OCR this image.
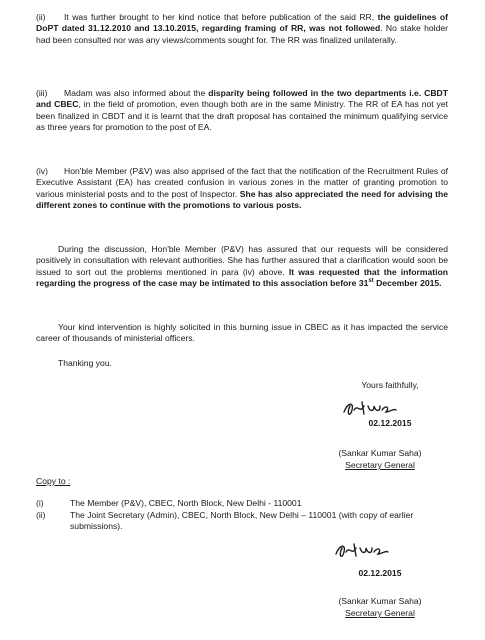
(ii) It was further brought to her kind notice that before publication of the said RR, the guidelines of DoPT dated 31.12.2010 and 13.10.2015, regarding framing of RR, was not followed. No stake holder had been consulted nor was any views/comments sought for. The RR was finalized unilaterally.

(iii) Madam was also informed about the disparity being followed in the two departments i.e. CBDT and CBEC, in the field of promotion, even though both are in the same Ministry. The RR of EA has not yet been finalized in CBDT and it is learnt that the draft proposal has contained the minimum qualifying service as three years for promotion to the post of EA.

(iv) Hon'ble Member (P&V) was also apprised of the fact that the notification of the Recruitment Rules of Executive Assistant (EA) has created confusion in various zones in the matter of granting promotion to various ministerial posts and to the post of Inspector. She has also appreciated the need for advising the different zones to continue with the promotions to various posts.

During the discussion, Hon'ble Member (P&V) has assured that our requests will be considered positively in consultation with relevant authorities. She has further assured that a clarification would soon be issued to sort out the problems mentioned in para (iv) above. It was requested that the information regarding the progress of the case may be intimated to this association before 31st December 2015.

Your kind intervention is highly solicited in this burning issue in CBEC as it has impacted the service career of thousands of ministerial officers.

Thanking you.

Yours faithfully,
02.12.2015
(Sankar Kumar Saha)
Secretary General
Copy to :
(i)	The Member (P&V), CBEC, North Block, New Delhi - 110001
(ii)	The Joint Secretary (Admin), CBEC, North Block, New Delhi – 110001 (with copy of earlier submissions).
02.12.2015
(Sankar Kumar Saha)
Secretary General
